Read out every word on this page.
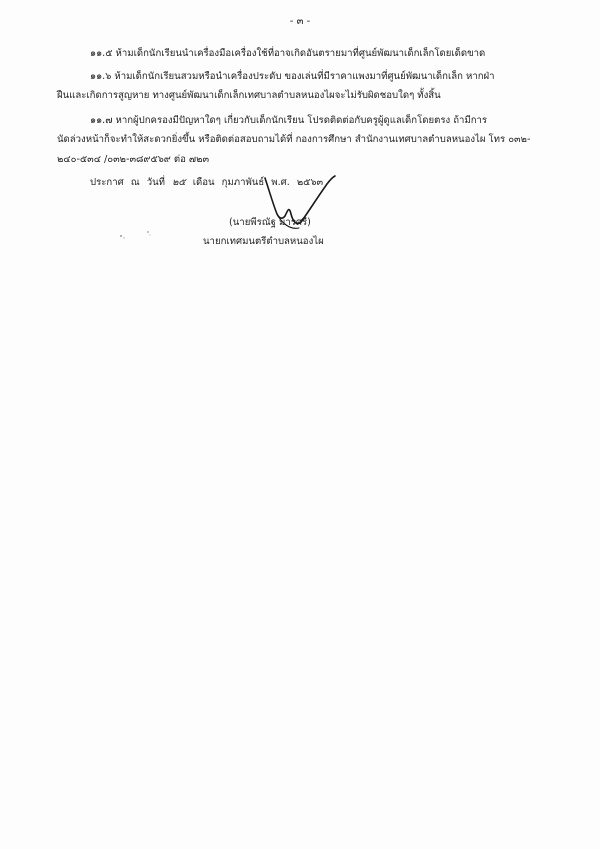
- ๓ -
๑๑.๕ ห้ามเด็กนักเรียนนำเครื่องมือเครื่องใช้ที่อาจเกิดอันตรายมาที่ศูนย์พัฒนาเด็กเล็กโดยเด็ดขาด
๑๑.๖ ห้ามเด็กนักเรียนสวมหรือนำเครื่องประดับ ของเล่นที่มีราคาแพงมาที่ศูนย์พัฒนาเด็กเล็ก หากฝ่า
ฝืนและเกิดการสูญหาย ทางศูนย์พัฒนาเด็กเล็กเทศบาลตำบลหนองไผจะไม่รับผิดชอบใดๆ ทั้งสิ้น
๑๑.๗ หากผู้ปกครองมีปัญหาใดๆ เกี่ยวกับเด็กนักเรียน โปรดติดต่อกับครูผู้ดูแลเด็กโดยตรง ถ้ามีการ
นัดล่วงหน้าก็จะทำให้สะดวกยิ่งขึ้น หรือติดต่อสอบถามได้ที่ กองการศึกษา สำนักงานเทศบาลตำบลหนองไผ โทร ๐๓๒-
๒๔๐-๕๓๔ /๐๓๒-๓๘๙๕๖๙ ต่อ ๗๒๓
ประกาศ ณ วันที่ ๒๕ เดือน กุมภาพันธ์ พ.ศ. ๒๕๖๓
(นายพีรณัฐ มารศรี)
นายกเทศมนตรีตำบลหนองไผ
